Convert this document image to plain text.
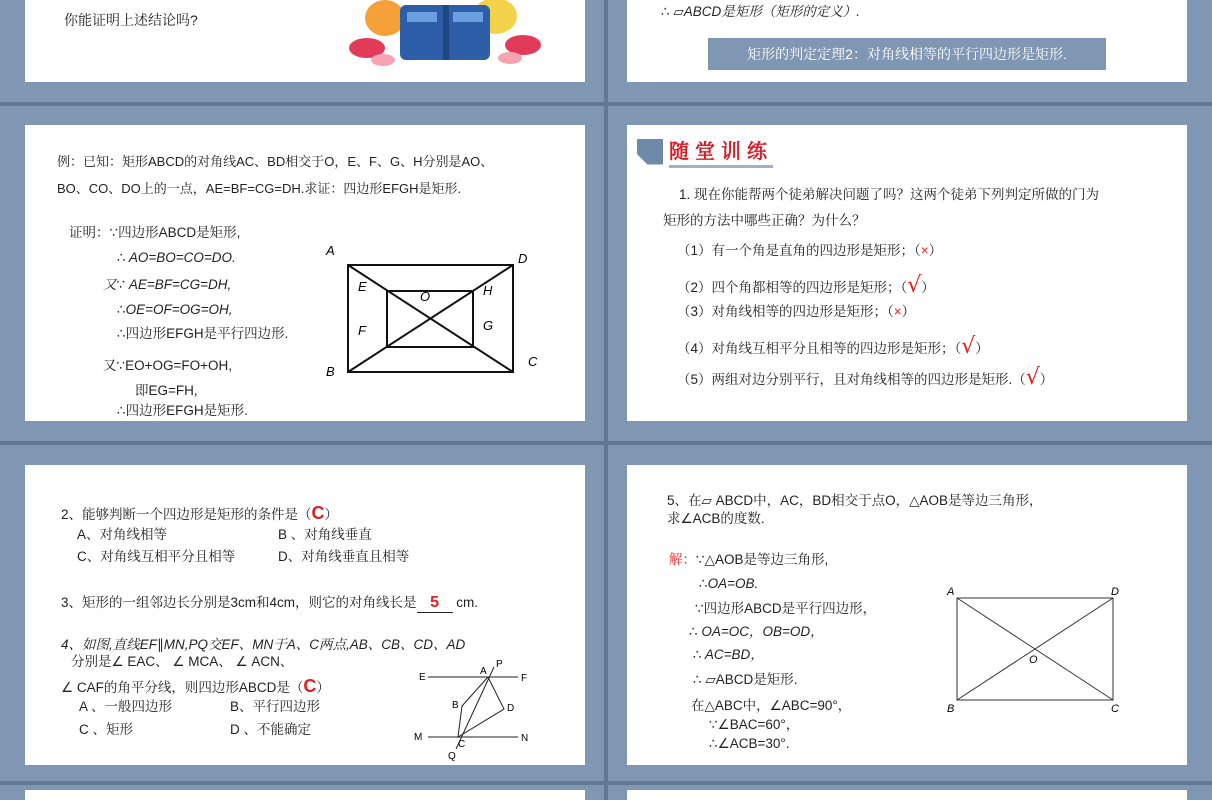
你能证明上述结论吗?
∴ ▱ABCD是矩形（矩形的定义）.
矩形的判定定理2：对角线相等的平行四边形是矩形.
例：已知：矩形ABCD的对角线AC、BD相交于O，E、F、G、H分别是AO、
BO、CO、DO上的一点，AE=BF=CG=DH.求证：四边形EFGH是矩形.
证明：∵四边形ABCD是矩形,
∴ AO=BO=CO=DO.
又∵ AE=BF=CG=DH,
∴OE=OF=OG=OH,
∴四边形EFGH是平行四边形.
又∵EO+OG=FO+OH,
即EG=FH,
∴四边形EFGH是矩形.
A
D
B
C
E	H
O
F	G
随堂训练
1. 现在你能帮两个徒弟解决问题了吗？这两个徒弟下列判定所做的门为
矩形的方法中哪些正确？为什么？
（1）有一个角是直角的四边形是矩形；（×）
（2）四个角都相等的四边形是矩形；（√）
（3）对角线相等的四边形是矩形；（×）
（4）对角线互相平分且相等的四边形是矩形；（√）
（5）两组对边分别平行，且对角线相等的四边形是矩形.（√）
2、能够判断一个四边形是矩形的条件是（C）
A、对角线相等	B 、对角线垂直
C、对角线互相平分且相等	D、对角线垂直且相等
3、矩形的一组邻边长分别是3cm和4cm，则它的对角线长是 5 cm.
4、如图,直线EF∥MN,PQ交EF、MN于A、C两点,AB、CB、CD、AD
分别是∠ EAC、 ∠ MCA、 ∠ ACN、
∠ CAF的角平分线，则四边形ABCD是（C）
A 、一般四边形	B、平行四边形
C 、矩形	D 、不能确定
E	F
M	N
A
P
B	D
C
Q
5、在▱ ABCD中，AC，BD相交于点O，△AOB是等边三角形，
求∠ACB的度数.
解：∵△AOB是等边三角形,
∴OA=OB.
∵四边形ABCD是平行四边形，
∴ OA=OC，OB=OD，
∴ AC=BD，
∴ ▱ABCD是矩形.
在△ABC中，∠ABC=90°，
∵∠BAC=60°，
∴∠ACB=30°.
A	D
B	C
O
